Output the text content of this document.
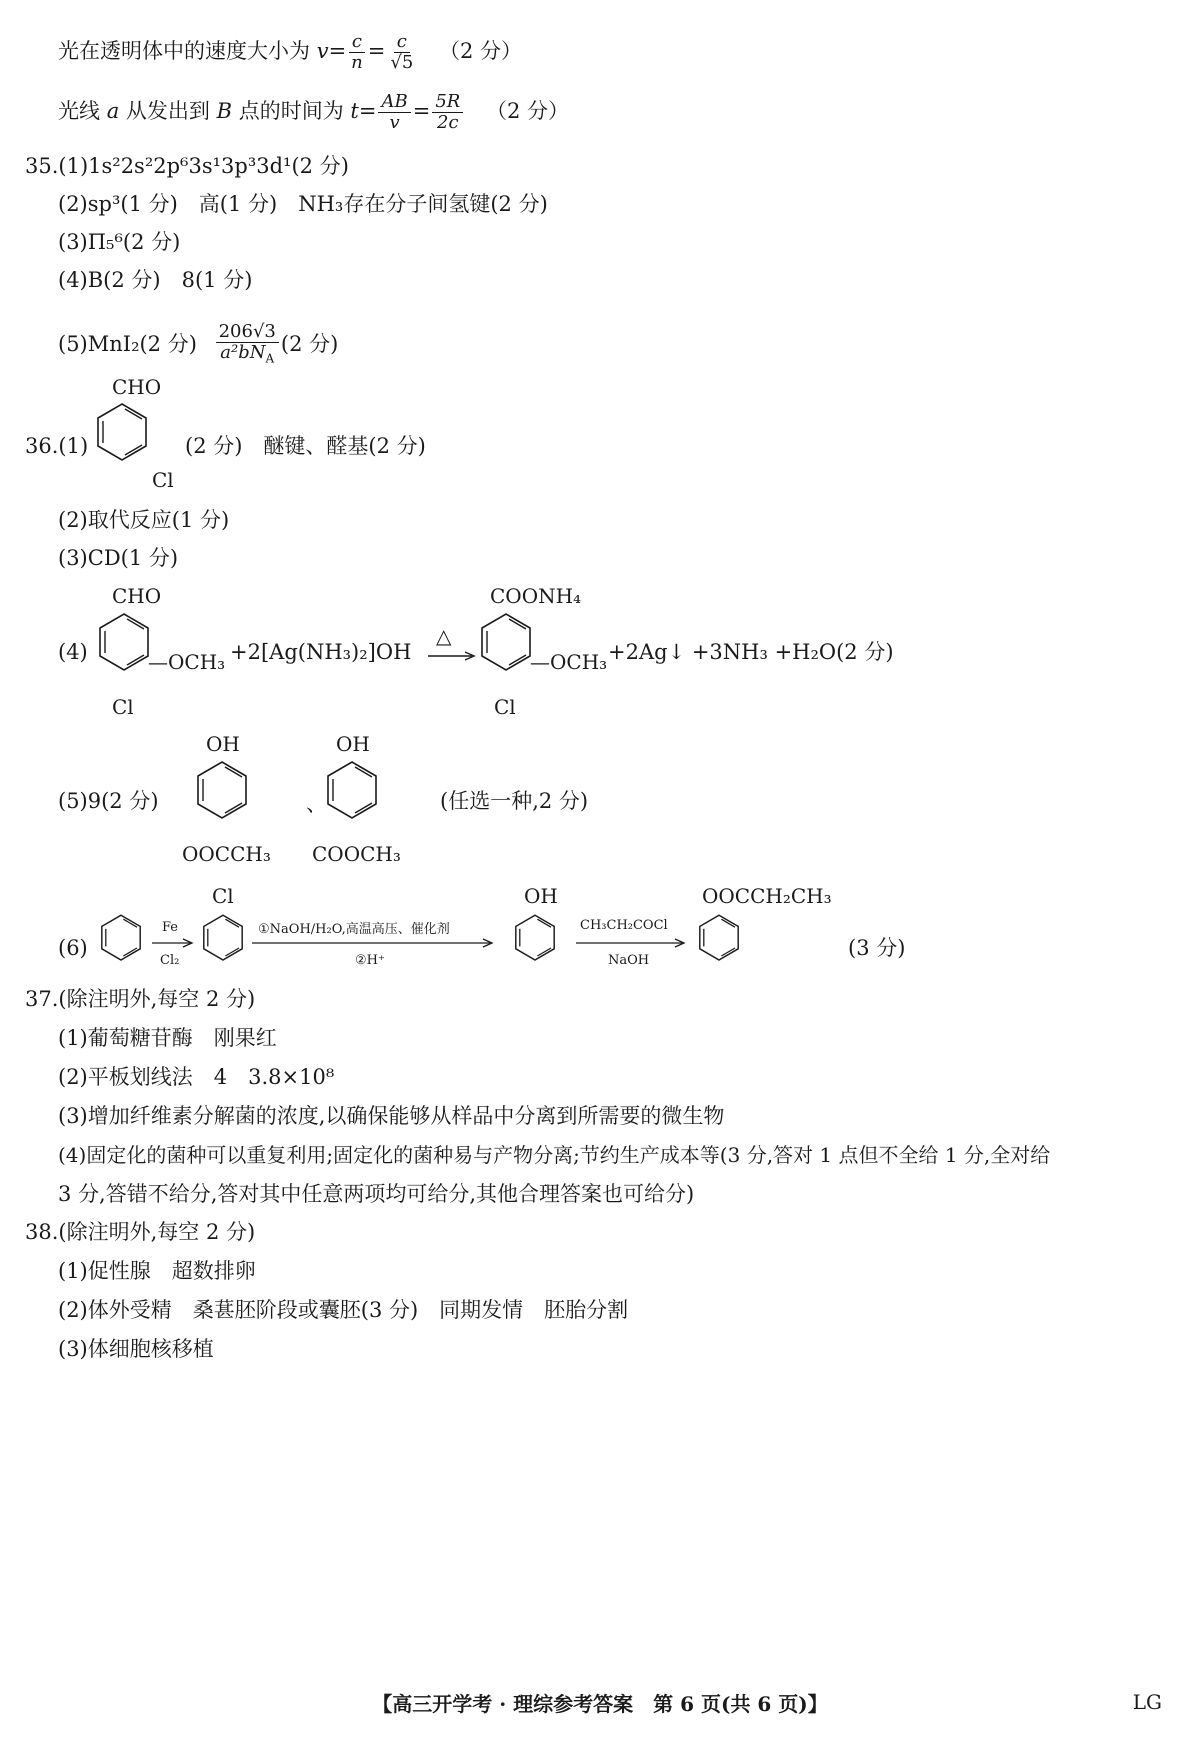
光在透明体中的速度大小为 $v= \frac{c}{n} = \frac{c}{√5} (2$ 分）
光线 a 从发出到 B 点的时间为 $t= \frac{AB}{v} = \frac{5R}{2c} (2$ 分）
35.(1)1s²2s²2p⁶3s¹3p³3d¹(2 分)
(2)sp³(1 分)　高(1 分)　NH₃存在分子间氢键(2 分)
(3)Π₅⁶(2 分)
(4)B(2 分)　8(1 分)
(5)MnI₂(2 分) $\frac{206√3}{a^2bN_A} (2$ 分)
36.(1)
CHO
Cl
(2 分)　醚键、醛基(2 分)
(2)取代反应(1 分)
(3)CD(1 分)
(4)
CHO
—OCH₃
Cl
+2[Ag(NH₃)₂]OH
△
COONH₄
—OCH₃
Cl
+2Ag↓ +3NH₃ +H₂O(2 分)
(5)9(2 分)
OH
OOCCH₃
、
OH
COOCH₃
(任选一种,2 分)
(6)
Fe
Cl₂
Cl
①NaOH/H₂O,高温高压、催化剂
②H⁺
OH
CH₃CH₂COCl
NaOH
OOCCH₂CH₃
(3 分)
37.(除注明外,每空 2 分)
(1)葡萄糖苷酶　刚果红
(2)平板划线法　4　3.8×10⁸
(3)增加纤维素分解菌的浓度,以确保能够从样品中分离到所需要的微生物
(4)固定化的菌种可以重复利用;固定化的菌种易与产物分离;节约生产成本等(3 分,答对 1 点但不全给 1 分,全对给
3 分,答错不给分,答对其中任意两项均可给分,其他合理答案也可给分)
38.(除注明外,每空 2 分)
(1)促性腺　超数排卵
(2)体外受精　桑葚胚阶段或囊胚(3 分)　同期发情　胚胎分割
(3)体细胞核移植
【高三开学考 · 理综参考答案　第 6 页(共 6 页)】	LG
